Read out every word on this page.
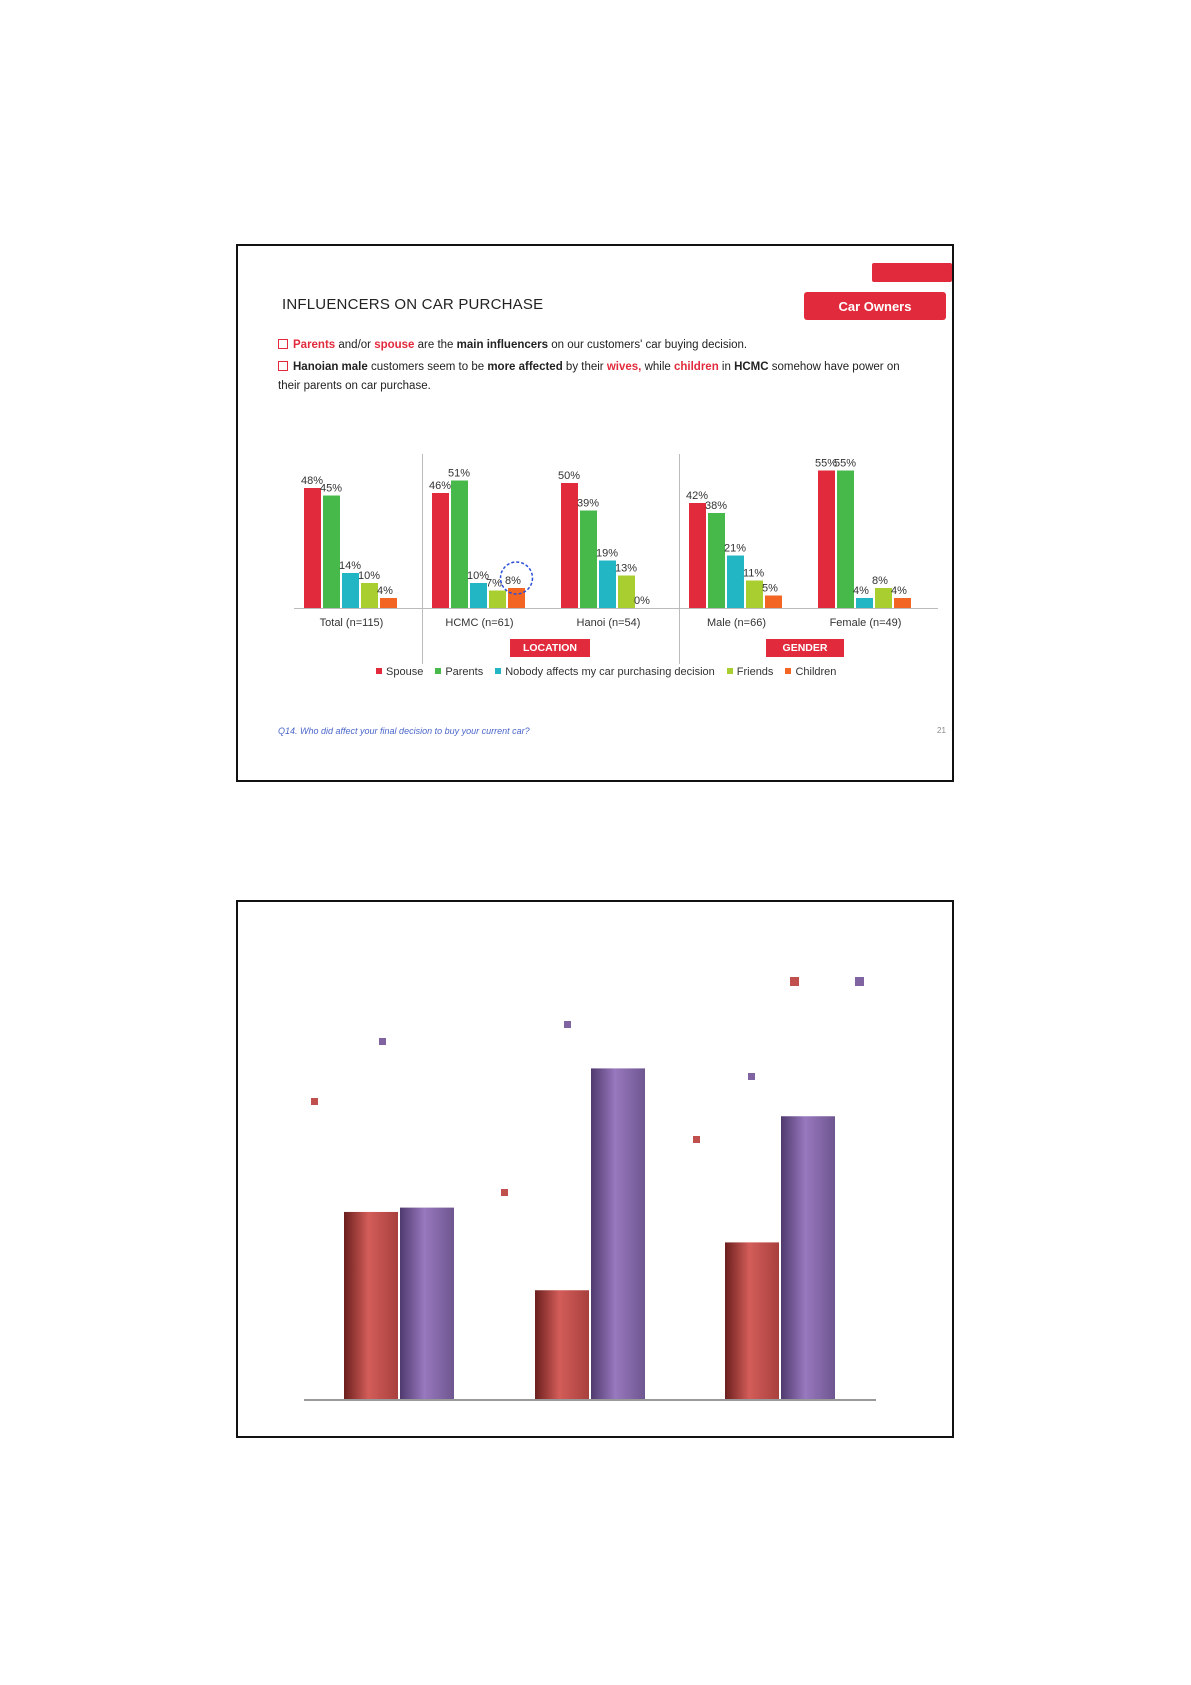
Car Owners
INFLUENCERS ON CAR PURCHASE
Parents and/or spouse are the main influencers on our customers' car buying decision.
Hanoian male customers seem to be more affected by their wives, while children in HCMC somehow have power on their parents on car purchase.
48%
45%
14%
10%
4%
Total (n=115)
46%
51%
10%
7% 8%
HCMC (n=61)
50%
39%
19%
13%
0%
Hanoi (n=54)
42%
38%
21%
11%
5%
Male (n=66)
55%
55%
4%
8%
4%
Female (n=49)
LOCATION	GENDER
Spouse	Parents	Nobody affects my car purchasing decision	Friends	Children
Q14. Who did affect your final decision to buy your current car?	21
